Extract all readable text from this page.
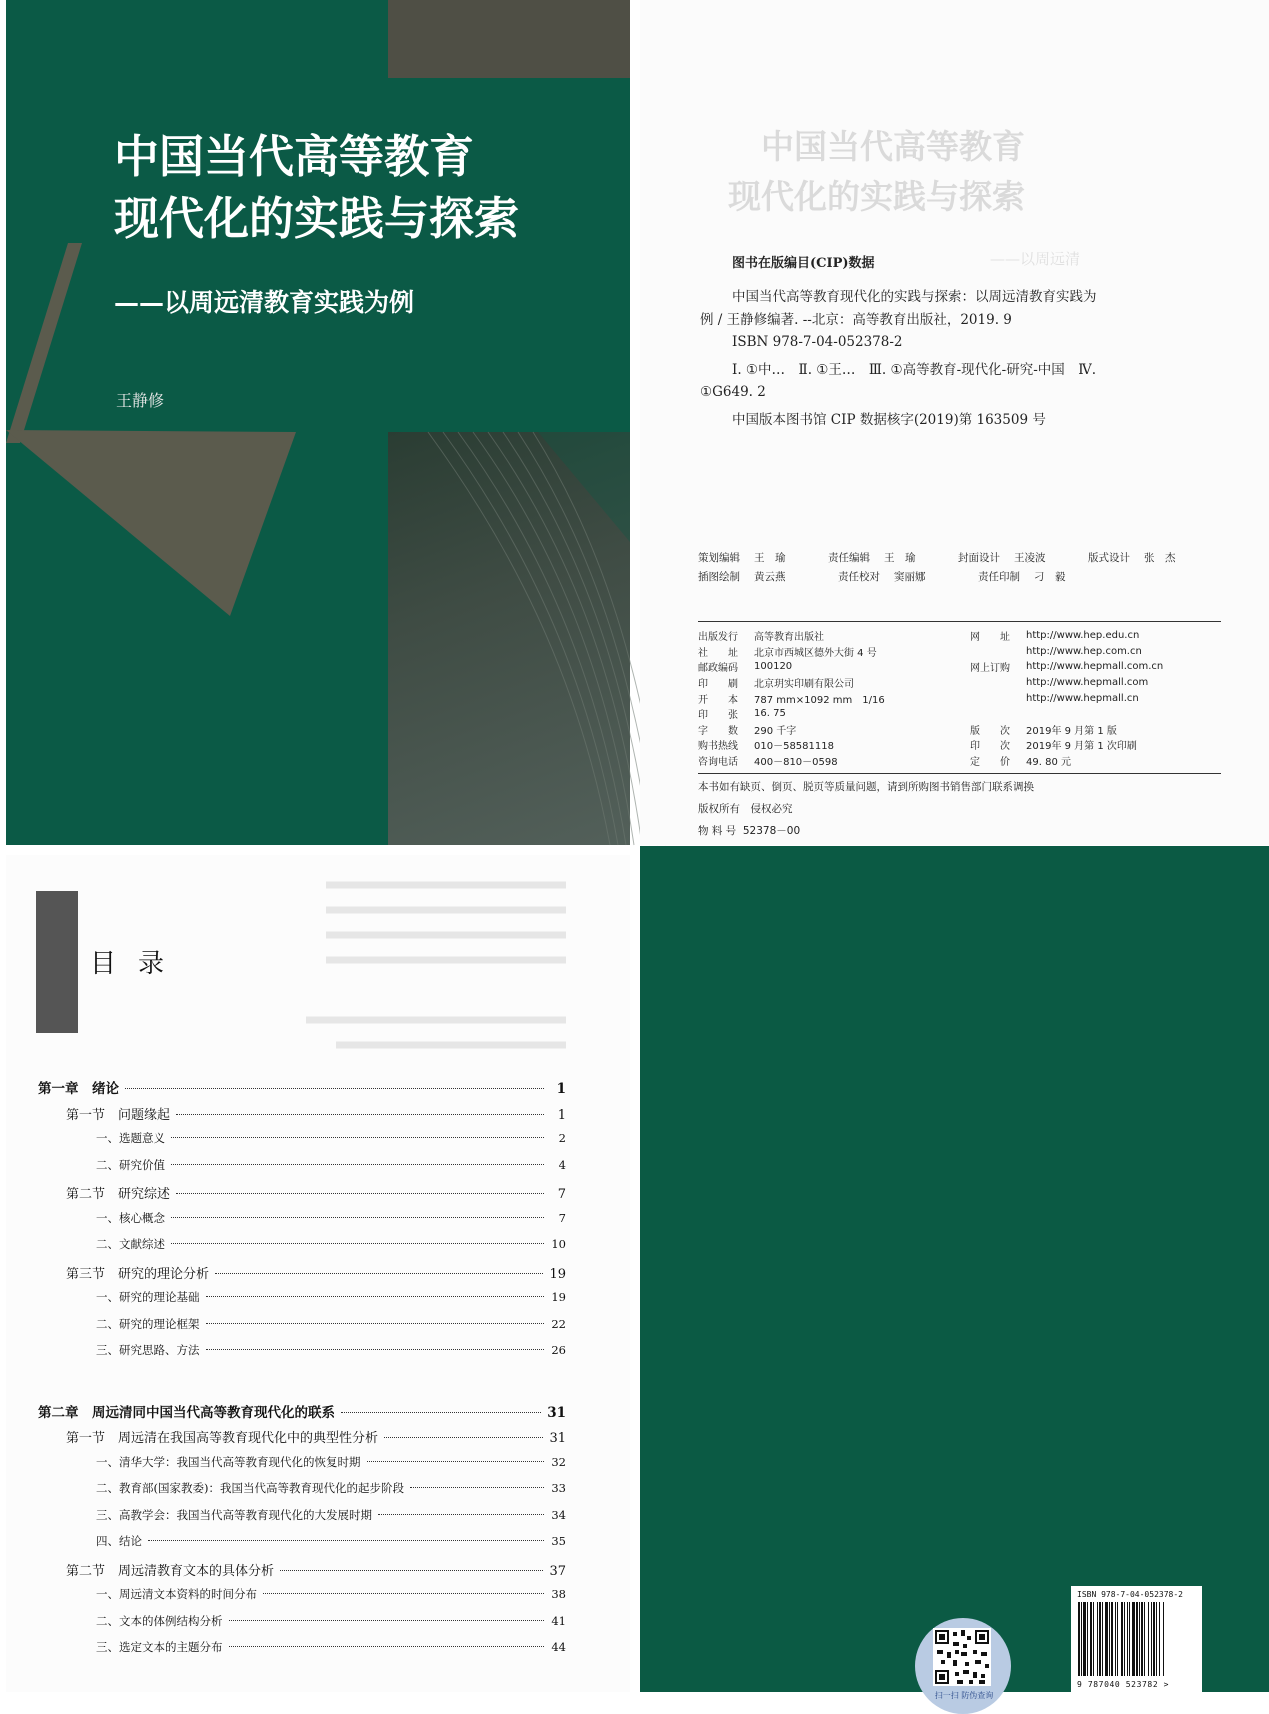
中国当代高等教育
现代化的实践与探索
——以周远清教育实践为例
王静修
中国当代高等教育
现代化的实践与探索
——以周远清
图书在版编目(CIP)数据

中国当代高等教育现代化的实践与探索：以周远清教育实践为例 / 王静修编著. --北京：高等教育出版社，2019. 9

ISBN 978-7-04-052378-2

Ⅰ. ①中…　Ⅱ. ①王…　Ⅲ. ①高等教育-现代化-研究-中国　Ⅳ. ①G649. 2

中国版本图书馆 CIP 数据核字(2019)第 163509 号

策划编辑	王　瑜	责任编辑	王　瑜	封面设计	王凌波	版式设计	张　杰
插图绘制	黄云燕	责任校对	窦丽娜	责任印制	刁　毅
出版发行	高等教育出版社
社　　址	北京市西城区德外大街 4 号
邮政编码	100120
印　　刷	北京玥实印刷有限公司
开　　本	787 mm×1092 mm　1/16
印　　张	16. 75
字　　数	290 千字
购书热线	010－58581118
咨询电话	400－810－0598
网　　址	http://www.hep.edu.cn
http://www.hep.com.cn
网上订购	http://www.hepmall.com.cn
http://www.hepmall.com
http://www.hepmall.cn
版　　次	2019年 9 月第 1 版
印　　次	2019年 9 月第 1 次印刷
定　　价	49. 80 元
本书如有缺页、倒页、脱页等质量问题，请到所购图书销售部门联系调换
版权所有　侵权必究
物 料 号 52378－00
目录
第一章　绪论	1
第一节　问题缘起	1
一、选题意义	2
二、研究价值	4
第二节　研究综述	7
一、核心概念	7
二、文献综述	10
第三节　研究的理论分析	19
一、研究的理论基础	19
二、研究的理论框架	22
三、研究思路、方法	26
第二章　周远清同中国当代高等教育现代化的联系	31
第一节　周远清在我国高等教育现代化中的典型性分析	31
一、清华大学：我国当代高等教育现代化的恢复时期	32
二、教育部(国家教委)：我国当代高等教育现代化的起步阶段	33
三、高教学会：我国当代高等教育现代化的大发展时期	34
四、结论	35
第二节　周远清教育文本的具体分析	37
一、周远清文本资料的时间分布	38
二、文本的体例结构分析	41
三、选定文本的主题分布	44
扫一扫 防伪查询
ISBN 978-7-04-052378-2
9 787040 523782 >
